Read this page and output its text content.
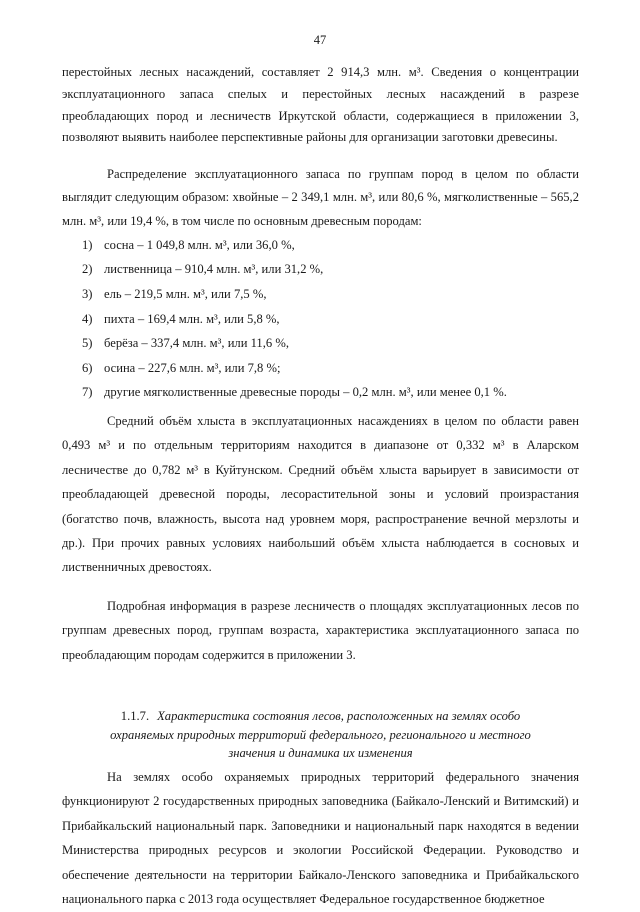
47

перестойных лесных насаждений, составляет 2 914,3 млн. м³. Сведения о концентрации эксплуатационного запаса спелых и перестойных лесных насаждений в разрезе преобладающих пород и лесничеств Иркутской области, содержащиеся в приложении 3, позволяют выявить наиболее перспективные районы для организации заготовки древесины.

Распределение эксплуатационного запаса по группам пород в целом по области выглядит следующим образом: хвойные – 2 349,1 млн. м³, или 80,6 %, мягколиственные – 565,2 млн. м³, или 19,4 %, в том числе по основным древесным породам:

1) сосна – 1 049,8 млн. м³, или 36,0 %,
2) лиственница – 910,4 млн. м³, или 31,2 %,
3) ель – 219,5 млн. м³, или 7,5 %,
4) пихта – 169,4 млн. м³, или 5,8 %,
5) берёза – 337,4 млн. м³, или 11,6 %,
6) осина – 227,6 млн. м³, или 7,8 %;
7) другие мягколиственные древесные породы – 0,2 млн. м³, или менее 0,1 %.

Средний объём хлыста в эксплуатационных насаждениях в целом по области равен 0,493 м³ и по отдельным территориям находится в диапазоне от 0,332 м³ в Аларском лесничестве до 0,782 м³ в Куйтунском. Средний объём хлыста варьирует в зависимости от преобладающей древесной породы, лесорастительной зоны и условий произрастания (богатство почв, влажность, высота над уровнем моря, распространение вечной мерзлоты и др.). При прочих равных условиях наибольший объём хлыста наблюдается в сосновых и лиственничных древостоях.

Подробная информация в разрезе лесничеств о площадях эксплуатационных лесов по группам древесных пород, группам возраста, характеристика эксплуатационного запаса по преобладающим породам содержится в приложении 3.

1.1.7. Характеристика состояния лесов, расположенных на землях особо
охраняемых природных территорий федерального, регионального и местного
значения и динамика их изменения

На землях особо охраняемых природных территорий федерального значения функционируют 2 государственных природных заповедника (Байкало-Ленский и Витимский) и Прибайкальский национальный парк. Заповедники и национальный парк находятся в ведении Министерства природных ресурсов и экологии Российской Федерации. Руководство и обеспечение деятельности на территории Байкало-Ленского заповедника и Прибайкальского национального парка с 2013 года осуществляет Федеральное государственное бюджетное
